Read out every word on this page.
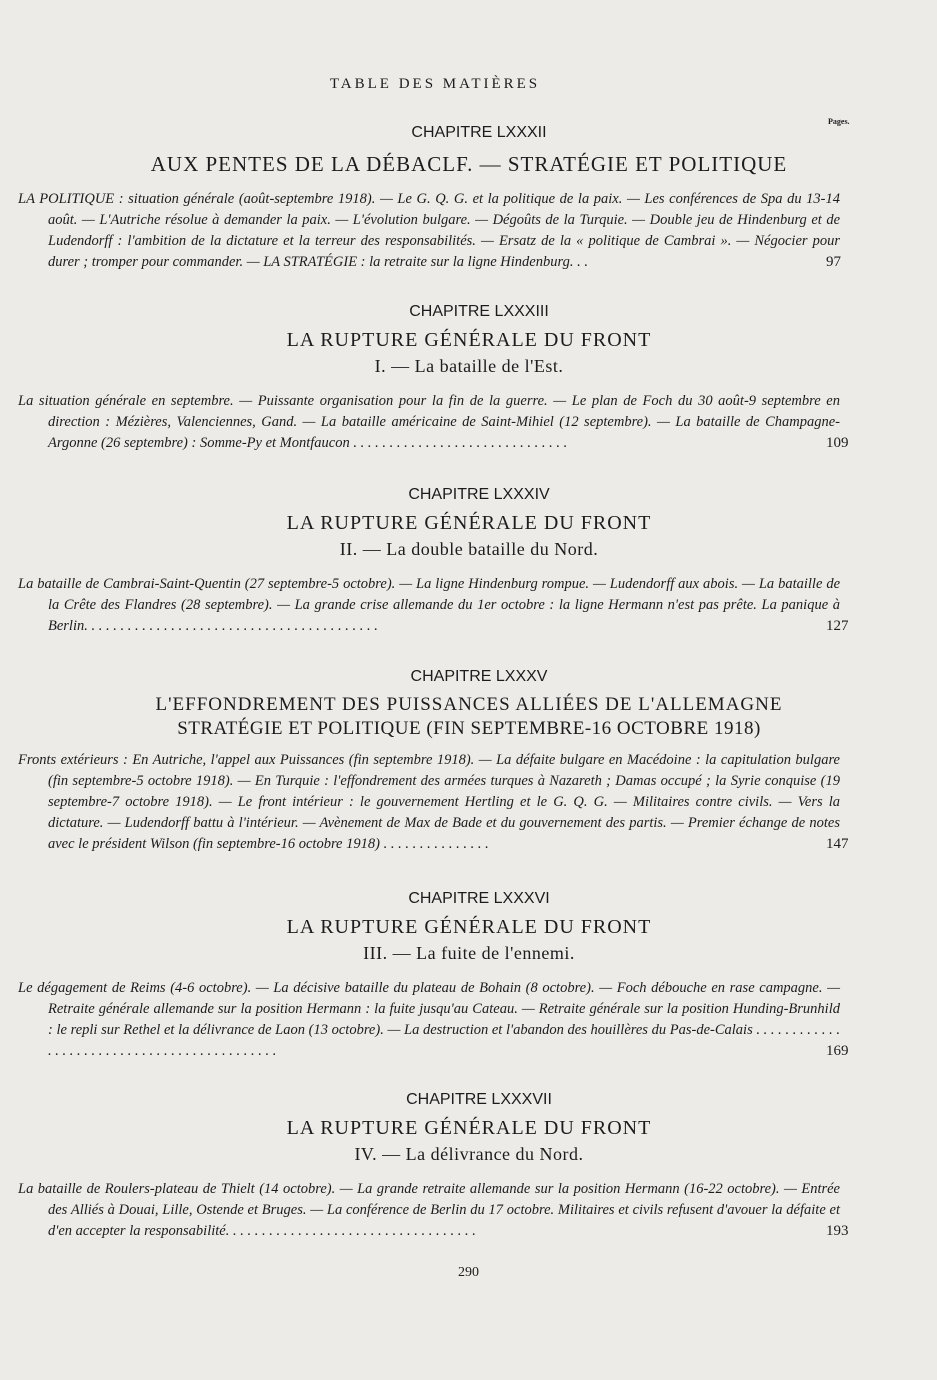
TABLE DES MATIÈRES
Pages.
CHAPITRE LXXXII
AUX PENTES DE LA DÉBACLF. — STRATÉGIE ET POLITIQUE
LA POLITIQUE : situation générale (août-septembre 1918). — Le G. Q. G. et la politique de la paix. — Les conférences de Spa du 13-14 août. — L'Autriche résolue à demander la paix. — L'évolution bulgare. — Dégoûts de la Turquie. — Double jeu de Hindenburg et de Ludendorff : l'ambition de la dictature et la terreur des responsabilités. — Ersatz de la « politique de Cambrai ». — Négocier pour durer ; tromper pour commander. — LA STRATÉGIE : la retraite sur la ligne Hindenburg. . .	97
CHAPITRE LXXXIII
LA RUPTURE GÉNÉRALE DU FRONT
I. — La bataille de l'Est.
La situation générale en septembre. — Puissante organisation pour la fin de la guerre. — Le plan de Foch du 30 août-9 septembre en direction : Mézières, Valenciennes, Gand. — La bataille américaine de Saint-Mihiel (12 septembre). — La bataille de Champagne-Argonne (26 septembre) : Somme-Py et Montfaucon . . . . . . . . . . . . . . . . . . . . . . . . . . . . . .	109
CHAPITRE LXXXIV
LA RUPTURE GÉNÉRALE DU FRONT
II. — La double bataille du Nord.
La bataille de Cambrai-Saint-Quentin (27 septembre-5 octobre). — La ligne Hindenburg rompue. — Ludendorff aux abois. — La bataille de la Crête des Flandres (28 septembre). — La grande crise allemande du 1er octobre : la ligne Hermann n'est pas prête. La panique à Berlin. . . . . . . . . . . . . . . . . . . . . . . . . . . . . . . . . . . . . . . . .	127
CHAPITRE LXXXV
L'EFFONDREMENT DES PUISSANCES ALLIÉES DE L'ALLEMAGNE
STRATÉGIE ET POLITIQUE (FIN SEPTEMBRE-16 OCTOBRE 1918)
Fronts extérieurs : En Autriche, l'appel aux Puissances (fin septembre 1918). — La défaite bulgare en Macédoine : la capitulation bulgare (fin septembre-5 octobre 1918). — En Turquie : l'effondrement des armées turques à Nazareth ; Damas occupé ; la Syrie conquise (19 septembre-7 octobre 1918). — Le front intérieur : le gouvernement Hertling et le G. Q. G. — Militaires contre civils. — Vers la dictature. — Ludendorff battu à l'intérieur. — Avènement de Max de Bade et du gouvernement des partis. — Premier échange de notes avec le président Wilson (fin septembre-16 octobre 1918) . . . . . . . . . . . . . . .	147
CHAPITRE LXXXVI
LA RUPTURE GÉNÉRALE DU FRONT
III. — La fuite de l'ennemi.
Le dégagement de Reims (4-6 octobre). — La décisive bataille du plateau de Bohain (8 octobre). — Foch débouche en rase campagne. — Retraite générale allemande sur la position Hermann : la fuite jusqu'au Cateau. — Retraite générale sur la position Hunding-Brunhild : le repli sur Rethel et la délivrance de Laon (13 octobre). — La destruction et l'abandon des houillères du Pas-de-Calais . . . . . . . . . . . . . . . . . . . . . . . . . . . . . . . . . . . . . . . . . . . .	169
CHAPITRE LXXXVII
LA RUPTURE GÉNÉRALE DU FRONT
IV. — La délivrance du Nord.
La bataille de Roulers-plateau de Thielt (14 octobre). — La grande retraite allemande sur la position Hermann (16-22 octobre). — Entrée des Alliés à Douai, Lille, Ostende et Bruges. — La conférence de Berlin du 17 octobre. Militaires et civils refusent d'avouer la défaite et d'en accepter la responsabilité. . . . . . . . . . . . . . . . . . . . . . . . . . . . . . . . . . .	193
290
